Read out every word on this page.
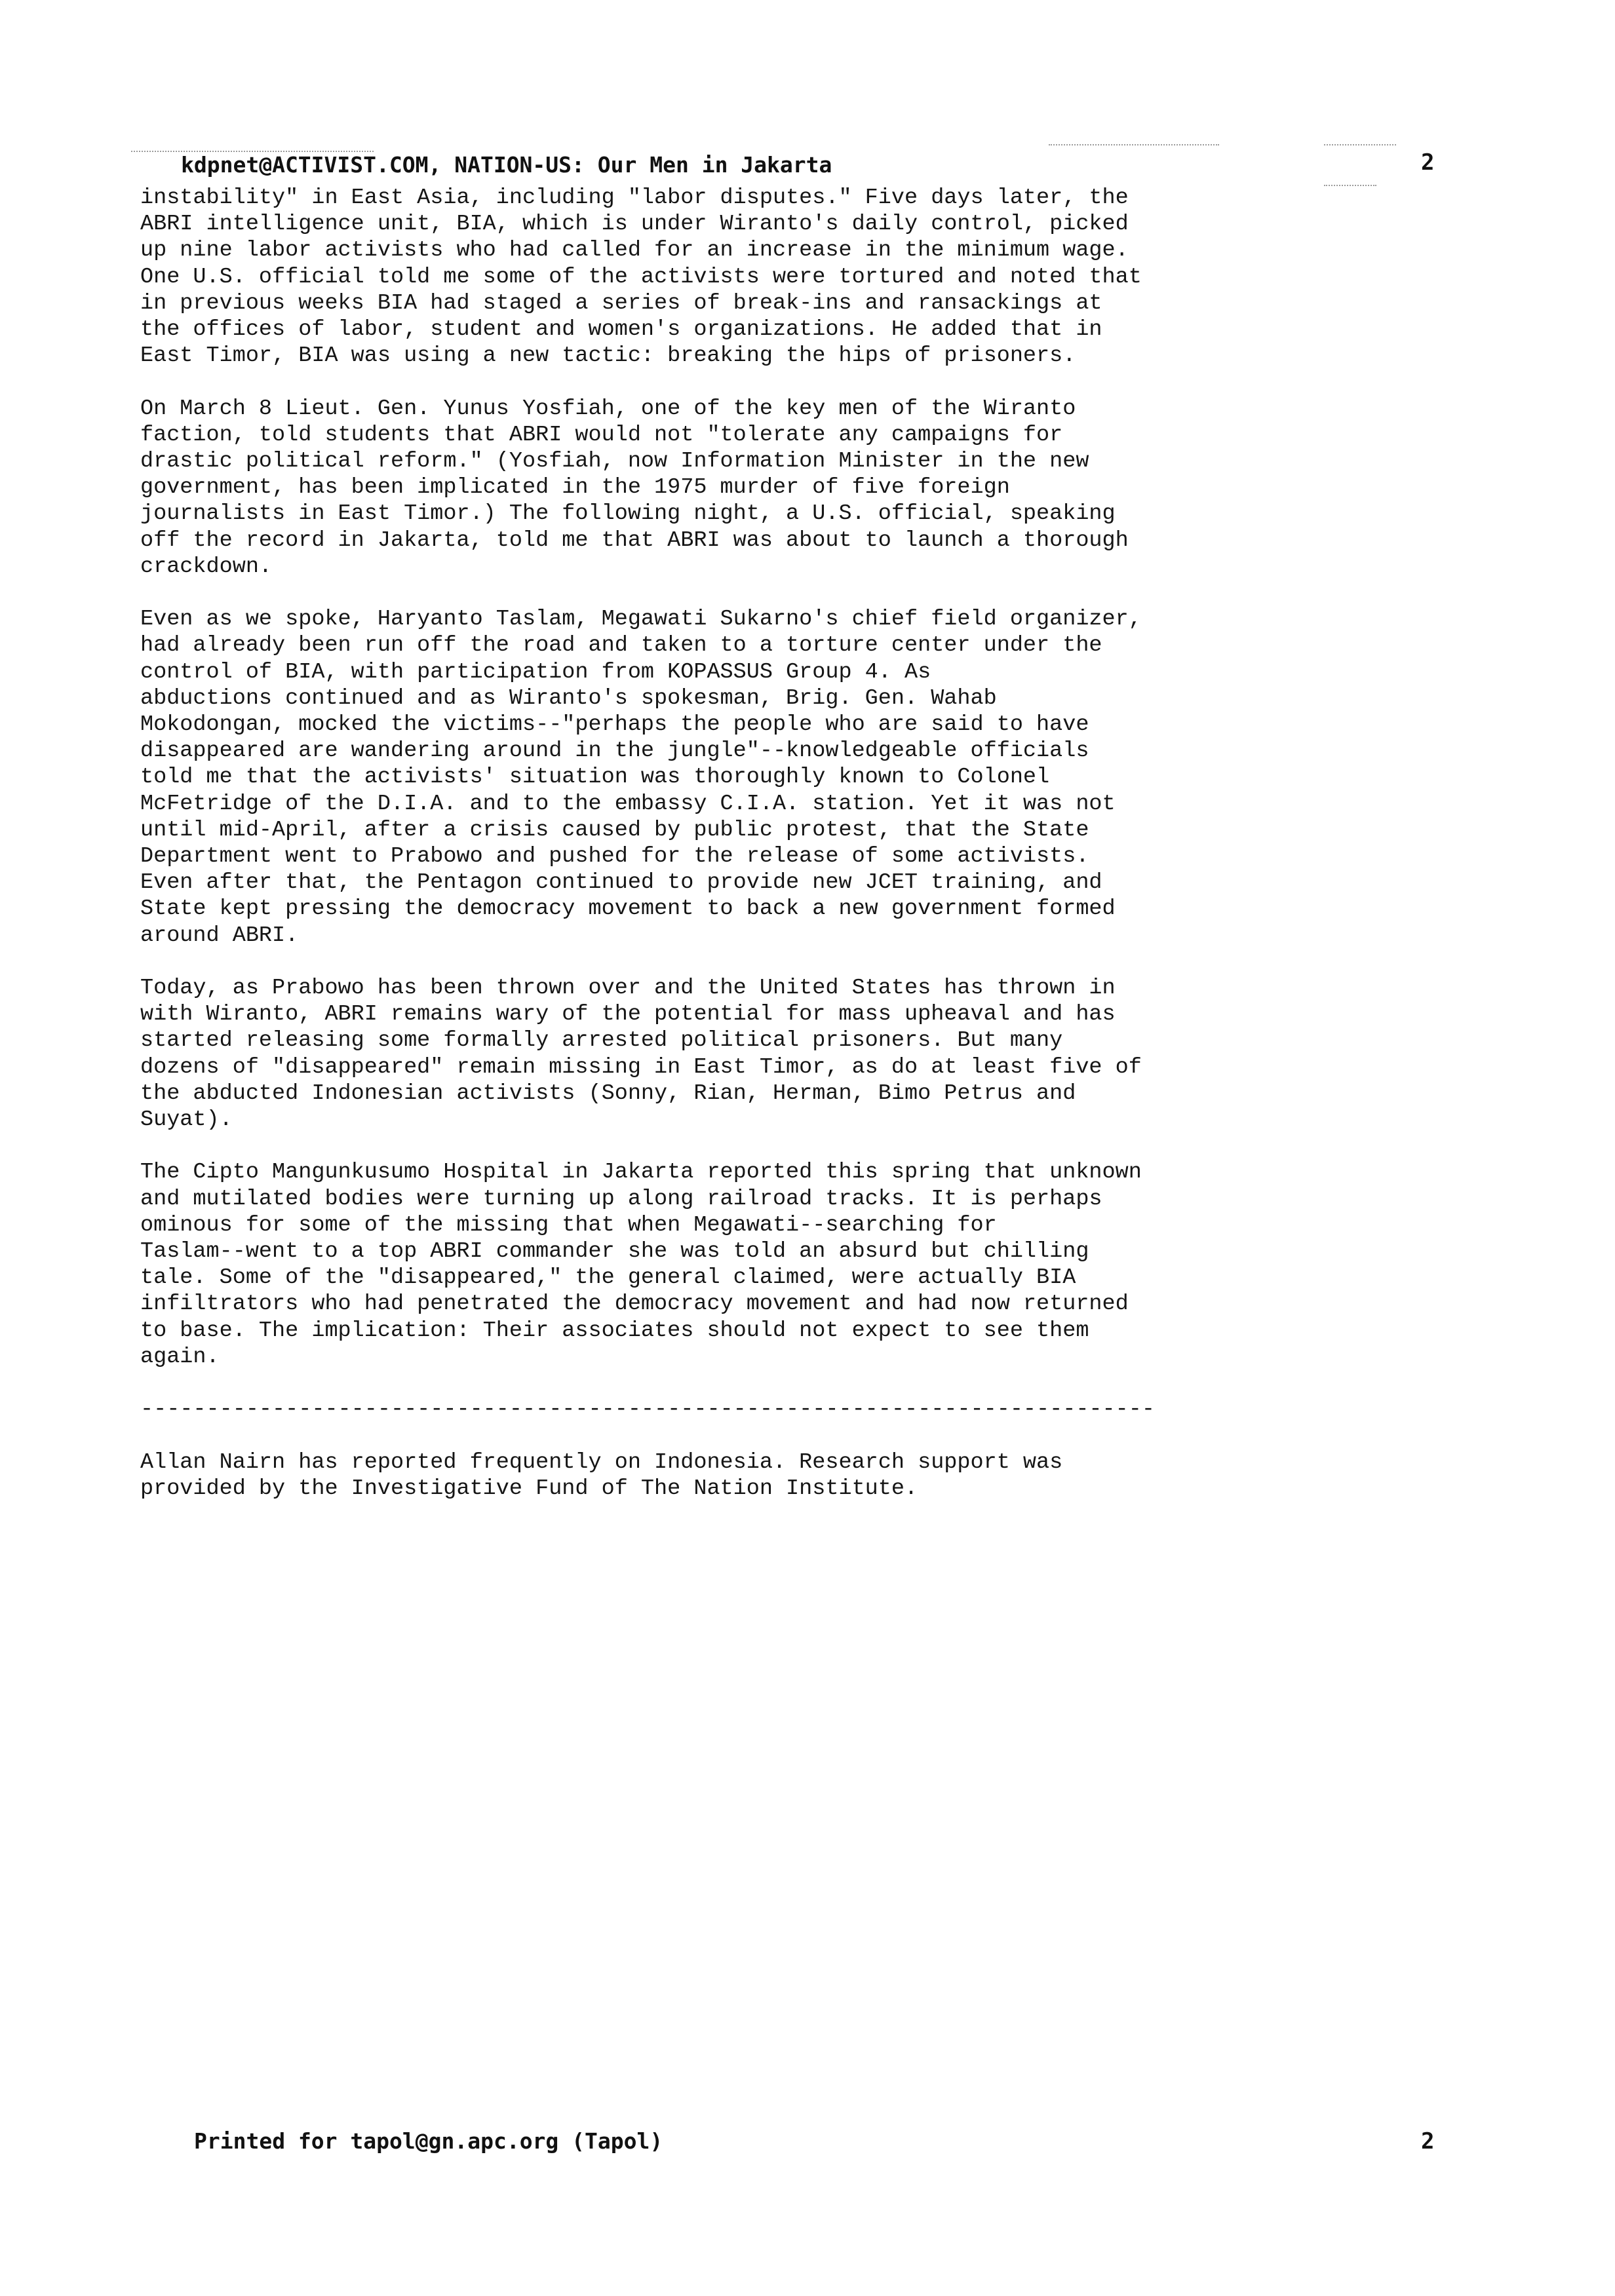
kdpnet@ACTIVIST.COM, NATION-US: Our Men in Jakarta	2

instability" in East Asia, including "labor disputes." Five days later, the
ABRI intelligence unit, BIA, which is under Wiranto's daily control, picked
up nine labor activists who had called for an increase in the minimum wage.
One U.S. official told me some of the activists were tortured and noted that
in previous weeks BIA had staged a series of break-ins and ransackings at
the offices of labor, student and women's organizations. He added that in
East Timor, BIA was using a new tactic: breaking the hips of prisoners.

On March 8 Lieut. Gen. Yunus Yosfiah, one of the key men of the Wiranto
faction, told students that ABRI would not "tolerate any campaigns for
drastic political reform." (Yosfiah, now Information Minister in the new
government, has been implicated in the 1975 murder of five foreign
journalists in East Timor.) The following night, a U.S. official, speaking
off the record in Jakarta, told me that ABRI was about to launch a thorough
crackdown.

Even as we spoke, Haryanto Taslam, Megawati Sukarno's chief field organizer,
had already been run off the road and taken to a torture center under the
control of BIA, with participation from KOPASSUS Group 4. As
abductions continued and as Wiranto's spokesman, Brig. Gen. Wahab
Mokodongan, mocked the victims--"perhaps the people who are said to have
disappeared are wandering around in the jungle"--knowledgeable officials
told me that the activists' situation was thoroughly known to Colonel
McFetridge of the D.I.A. and to the embassy C.I.A. station. Yet it was not
until mid-April, after a crisis caused by public protest, that the State
Department went to Prabowo and pushed for the release of some activists.
Even after that, the Pentagon continued to provide new JCET training, and
State kept pressing the democracy movement to back a new government formed
around ABRI.

Today, as Prabowo has been thrown over and the United States has thrown in
with Wiranto, ABRI remains wary of the potential for mass upheaval and has
started releasing some formally arrested political prisoners. But many
dozens of "disappeared" remain missing in East Timor, as do at least five of
the abducted Indonesian activists (Sonny, Rian, Herman, Bimo Petrus and
Suyat).

The Cipto Mangunkusumo Hospital in Jakarta reported this spring that unknown
and mutilated bodies were turning up along railroad tracks. It is perhaps
ominous for some of the missing that when Megawati--searching for
Taslam--went to a top ABRI commander she was told an absurd but chilling
tale. Some of the "disappeared," the general claimed, were actually BIA
infiltrators who had penetrated the democracy movement and had now returned
to base. The implication: Their associates should not expect to see them
again.

-----------------------------------------------------------------------------

Allan Nairn has reported frequently on Indonesia. Research support was
provided by the Investigative Fund of The Nation Institute.

Printed for tapol@gn.apc.org (Tapol)	2
